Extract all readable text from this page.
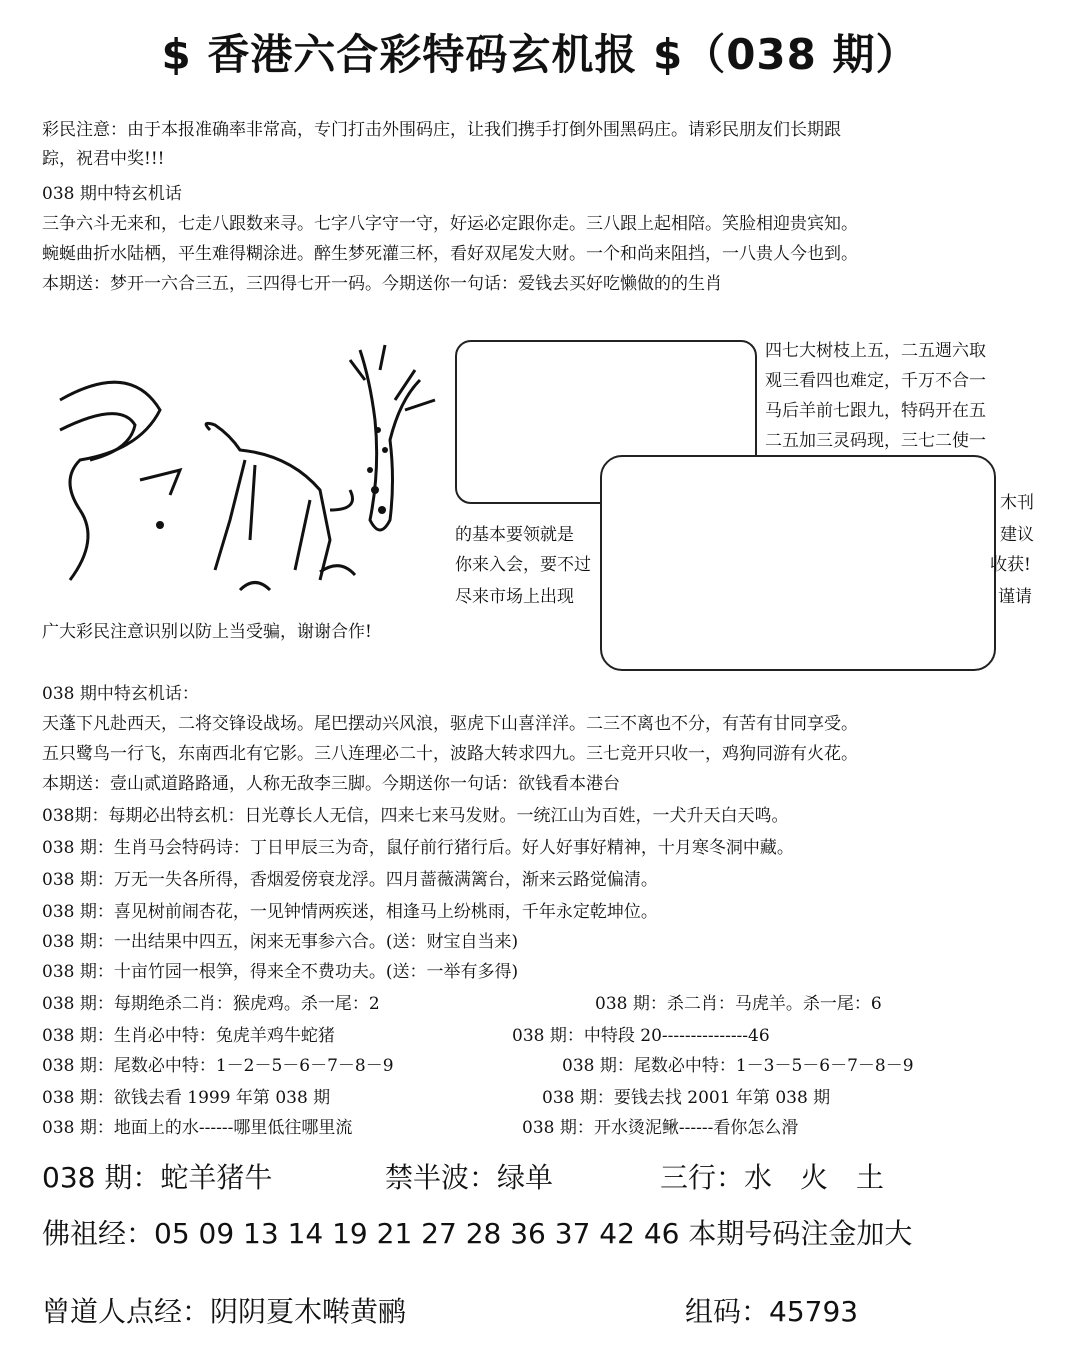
$ 香港六合彩特码玄机报 $（038 期）
彩民注意：由于本报准确率非常高，专门打击外围码庄，让我们携手打倒外围黑码庄。请彩民朋友们长期跟
踪，祝君中奖!!!
038 期中特玄机话
三争六斗无来和，七走八跟数来寻。七字八字守一守，好运必定跟你走。三八跟上起相陪。笑脸相迎贵宾知。
蜿蜒曲折水陆栖，平生难得糊涂进。醉生梦死灌三杯，看好双尾发大财。一个和尚来阻挡，一八贵人今也到。
本期送：梦开一六合三五，三四得七开一码。今期送你一句话：爱钱去买好吃懒做的的生肖
四七大树枝上五，二五週六取
观三看四也难定，千万不合一
马后羊前七跟九，特码开在五
二五加三灵码现，三七二使一
木刊
的基本要领就是
你来入会，要不过
尽来市场上出现
建议
收获!
谨请
广大彩民注意识别以防上当受骗，谢谢合作!
038 期中特玄机话：
天蓬下凡赴西天，二将交锋设战场。尾巴摆动兴风浪，驱虎下山喜洋洋。二三不离也不分，有苦有甘同享受。
五只鹭鸟一行飞，东南西北有它影。三八连理必二十，波路大转求四九。三七竞开只收一，鸡狗同游有火花。
本期送：壹山贰道路路通，人称无敌李三脚。今期送你一句话：欲钱看本港台
038期：每期必出特玄机：日光尊长人无信，四来七来马发财。一统江山为百姓，一犬升天白天鸣。
038 期：生肖马会特码诗：丁日甲辰三为奇，鼠仔前行猪行后。好人好事好精神，十月寒冬洞中藏。
038 期：万无一失各所得，香烟爱傍衰龙浮。四月蔷薇满篱台，渐来云路觉偏清。
038 期：喜见树前闹杏花，一见钟情两疾迷，相逢马上纷桃雨，千年永定乾坤位。
038 期：一出结果中四五，闲来无事参六合。(送：财宝自当来)
038 期：十亩竹园一根笋，得来全不费功夫。(送：一举有多得)
038 期：每期绝杀二肖：猴虎鸡。杀一尾：2	038 期：杀二肖：马虎羊。杀一尾：6
038 期：生肖必中特：兔虎羊鸡牛蛇猪	038 期：中特段 20---------------46
038 期：尾数必中特：1－2－5－6－7－8－9	038 期：尾数必中特：1－3－5－6－7－8－9
038 期：欲钱去看 1999 年第 038 期	038 期：要钱去找 2001 年第 038 期
038 期：地面上的水------哪里低往哪里流	038 期：开水烫泥鳅------看你怎么滑
038 期：蛇羊猪牛	禁半波：绿单	三行：水　火　土
佛祖经：05 09 13 14 19 21 27 28 36 37 42 46 本期号码注金加大
曾道人点经：阴阴夏木啭黄鹂	组码：45793
